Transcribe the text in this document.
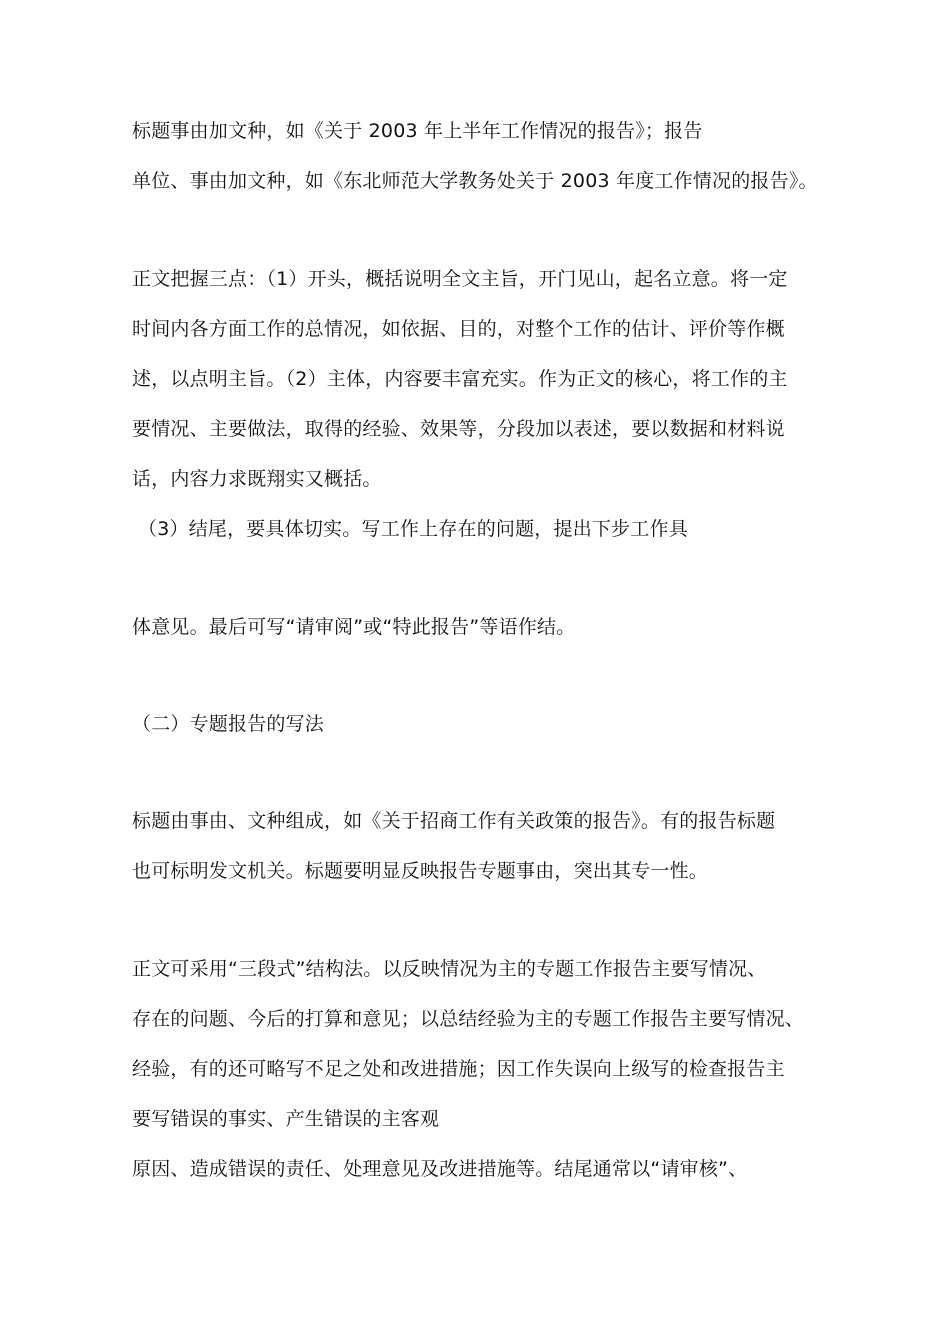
标题事由加文种，如《关于 2003 年上半年工作情况的报告》；报告

单位、事由加文种，如《东北师范大学教务处关于 2003 年度工作情况的报告》。

正文把握三点：（1）开头，概括说明全文主旨，开门见山，起名立意。将一定

时间内各方面工作的总情况，如依据、目的，对整个工作的估计、评价等作概

述，以点明主旨。（2）主体，内容要丰富充实。作为正文的核心，将工作的主

要情况、主要做法，取得的经验、效果等，分段加以表述，要以数据和材料说

话，内容力求既翔实又概括。

（3）结尾，要具体切实。写工作上存在的问题，提出下步工作具

体意见。最后可写“请审阅”或“特此报告”等语作结。

（二）专题报告的写法

标题由事由、文种组成，如《关于招商工作有关政策的报告》。有的报告标题

也可标明发文机关。标题要明显反映报告专题事由，突出其专一性。

正文可采用“三段式”结构法。以反映情况为主的专题工作报告主要写情况、

存在的问题、今后的打算和意见；以总结经验为主的专题工作报告主要写情况、

经验，有的还可略写不足之处和改进措施；因工作失误向上级写的检查报告主

要写错误的事实、产生错误的主客观

原因、造成错误的责任、处理意见及改进措施等。结尾通常以“请审核”、
